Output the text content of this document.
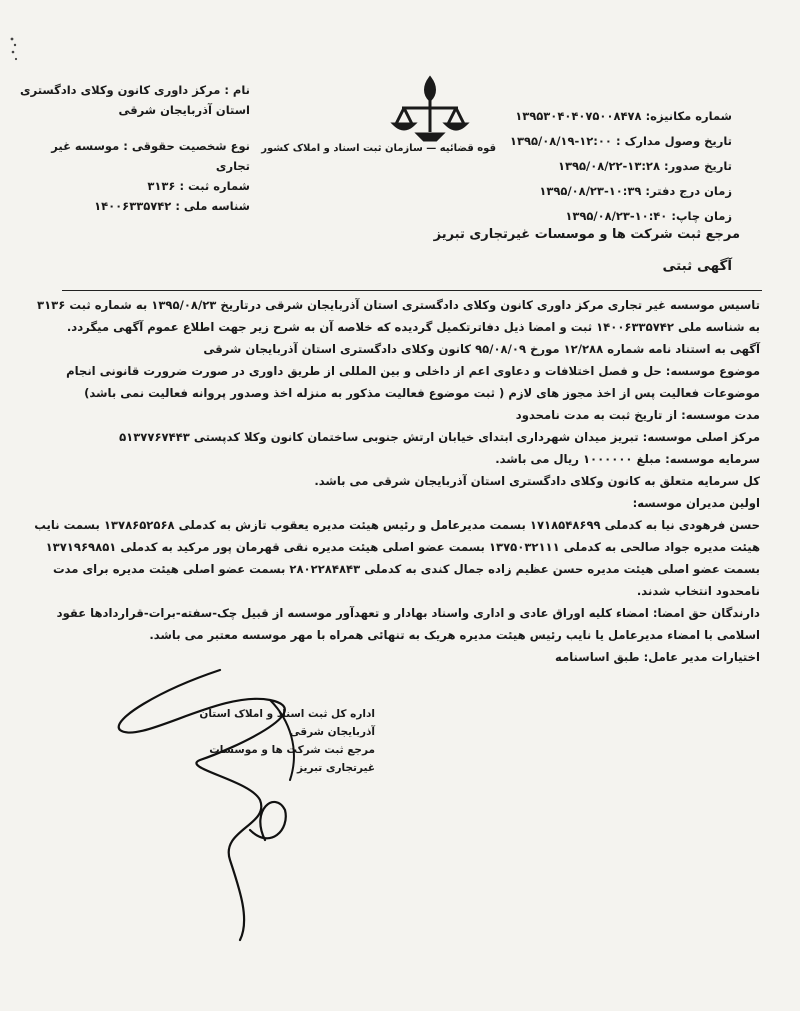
نام : مرکز داوری کانون وکلای دادگستری
استان آذربایجان شرقی
نوع شخصیت حقوقی : موسسه غیر تجاری
شماره ثبت : ۳۱۳۶
شناسه ملی : ۱۴۰۰۶۳۳۵۷۴۲
قوه قضائیه — سازمان ثبت اسناد و املاک کشور
شماره مکانیزه: ۱۳۹۵۳۰۴۰۴۰۷۵۰۰۸۴۷۸
تاریخ وصول مدارک : ۱۲:۰۰-۱۳۹۵/۰۸/۱۹
تاریخ صدور: ۱۳:۲۸-۱۳۹۵/۰۸/۲۲
زمان درج دفتر: ۱۰:۳۹-۱۳۹۵/۰۸/۲۳
زمان چاپ: ۱۰:۴۰-۱۳۹۵/۰۸/۲۳
مرجع ثبت شرکت ها و موسسات غیرتجاری تبریز
آگهی ثبتی

تاسیس موسسه غیر تجاری مرکز داوری کانون وکلای دادگستری استان آذربایجان شرقی درتاریخ ۱۳۹۵/۰۸/۲۳ به شماره ثبت ۳۱۳۶ به شناسه ملی ۱۴۰۰۶۳۳۵۷۴۲ ثبت و امضا ذیل دفاترتکمیل گردیده که خلاصه آن به شرح زیر جهت اطلاع عموم آگهی میگردد.

آگهی به استناد نامه شماره ۱۲/۲۸۸ مورخ ۹۵/۰۸/۰۹ کانون وکلای دادگستری استان آذربایجان شرقی

موضوع موسسه: حل و فصل اختلافات و دعاوی اعم از داخلی و بین المللی از طریق داوری در صورت ضرورت قانونی انجام موضوعات فعالیت پس از اخذ مجوز های لازم ( ثبت موضوع فعالیت مذکور به منزله اخذ وصدور پروانه فعالیت نمی باشد)

مدت موسسه: از تاریخ ثبت به مدت نامحدود

مرکز اصلی موسسه: تبریز میدان شهرداری ابتدای خیابان ارتش جنوبی ساختمان کانون وکلا کدپستی ۵۱۳۷۷۶۷۴۴۳

سرمایه موسسه: مبلغ ۱۰۰۰۰۰۰ ریال می باشد.

کل سرمایه متعلق به کانون وکلای دادگستری استان آذربایجان شرقی می باشد.

اولین مدیران موسسه:

حسن فرهودی نیا به کدملی ۱۷۱۸۵۴۸۶۹۹ بسمت مدیرعامل و رئیس هیئت مدیره یعقوب تازش به کدملی ۱۳۷۸۶۵۲۵۶۸ بسمت نایب هیئت مدیره جواد صالحی به کدملی ۱۳۷۵۰۳۲۱۱۱ بسمت عضو اصلی هیئت مدیره نقی قهرمان پور مرکید به کدملی ۱۳۷۱۹۶۹۸۵۱ بسمت عضو اصلی هیئت مدیره حسن عظیم زاده جمال کندی به کدملی ۲۸۰۲۲۸۴۸۴۳ بسمت عضو اصلی هیئت مدیره برای مدت نامحدود انتخاب شدند.

دارندگان حق امضا: امضاء کلیه اوراق عادی و اداری واسناد بهادار و تعهدآور موسسه از قبیل چک-سفته-برات-قراردادها عقود اسلامی با امضاء مدیرعامل یا نایب رئیس هیئت مدیره هریک به تنهائی همراه با مهر موسسه معتبر می باشد.

اختیارات مدیر عامل: طبق اساسنامه

اداره کل ثبت اسناد و املاک استان آذربایجان شرقی
مرجع ثبت شرکت ها و موسسات غیرتجاری تبریز
